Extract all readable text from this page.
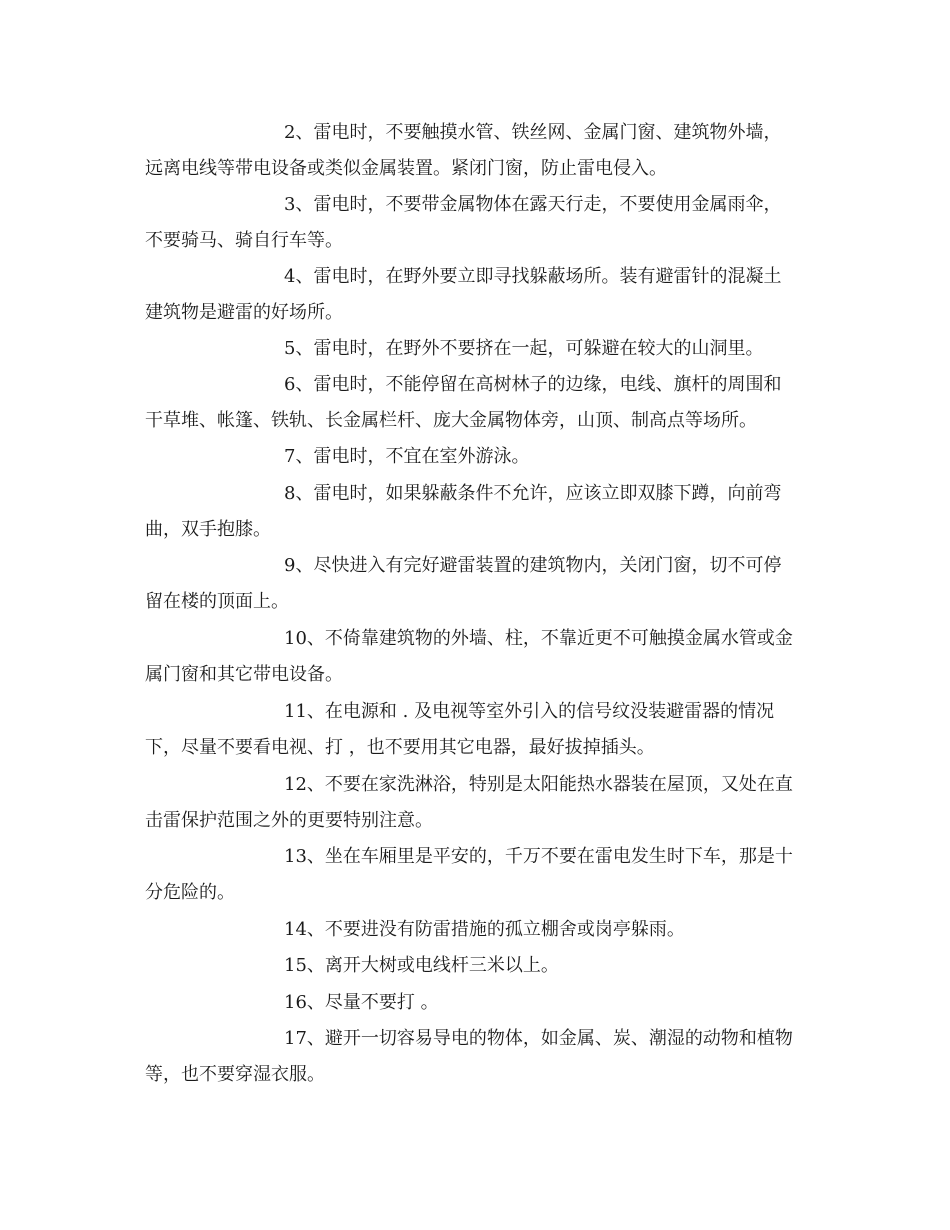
2、雷电时，不要触摸水管、铁丝网、金属门窗、建筑物外墙，
远离电线等带电设备或类似金属装置。紧闭门窗，防止雷电侵入。

3、雷电时，不要带金属物体在露天行走，不要使用金属雨伞，
不要骑马、骑自行车等。

4、雷电时，在野外要立即寻找躲蔽场所。装有避雷针的混凝土
建筑物是避雷的好场所。

5、雷电时，在野外不要挤在一起，可躲避在较大的山洞里。

6、雷电时，不能停留在高树林子的边缘，电线、旗杆的周围和
干草堆、帐篷、铁轨、长金属栏杆、庞大金属物体旁，山顶、制高点等场所。

7、雷电时，不宜在室外游泳。

8、雷电时，如果躲蔽条件不允许，应该立即双膝下蹲，向前弯
曲，双手抱膝。

9、尽快进入有完好避雷装置的建筑物内，关闭门窗，切不可停
留在楼的顶面上。

10、不倚靠建筑物的外墙、柱，不靠近更不可触摸金属水管或金
属门窗和其它带电设备。

11、在电源和 . 及电视等室外引入的信号纹没装避雷器的情况
下，尽量不要看电视、打 ，也不要用其它电器，最好拔掉插头。

12、不要在家洗淋浴，特别是太阳能热水器装在屋顶，又处在直
击雷保护范围之外的更要特别注意。

13、坐在车厢里是平安的，千万不要在雷电发生时下车，那是十
分危险的。

14、不要进没有防雷措施的孤立棚舍或岗亭躲雨。

15、离开大树或电线杆三米以上。

16、尽量不要打 。

17、避开一切容易导电的物体，如金属、炭、潮湿的动物和植物
等，也不要穿湿衣服。
